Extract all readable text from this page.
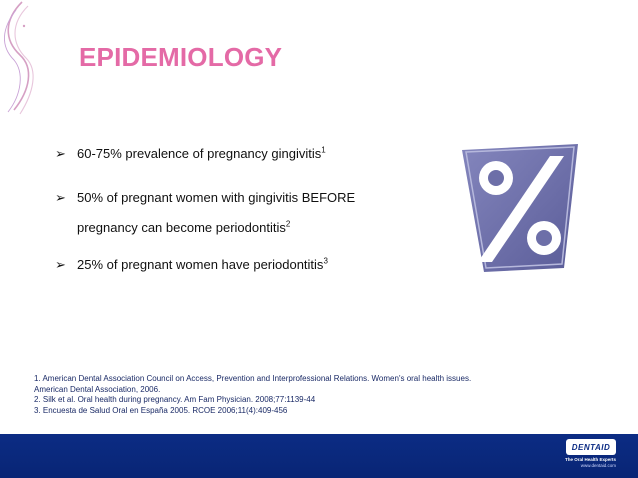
EPIDEMIOLOGY
➢ 60-75% prevalence of pregnancy gingivitis$^1$
➢ 50% of pregnant women with gingivitis BEFORE
pregnancy can become periodontitis$^2$
➢ 25% of pregnant women have periodontitis$^3$
1. American Dental Association Council on Access, Prevention and Interprofessional Relations. Women's oral health issues.
American Dental Association, 2006.
2. Silk et al. Oral health during pregnancy. Am Fam Physician. 2008;77:1139-44
3. Encuesta de Salud Oral en España 2005. RCOE 2006;11(4):409-456
DENTAID
The Oral Health Experts
www.dentaid.com
